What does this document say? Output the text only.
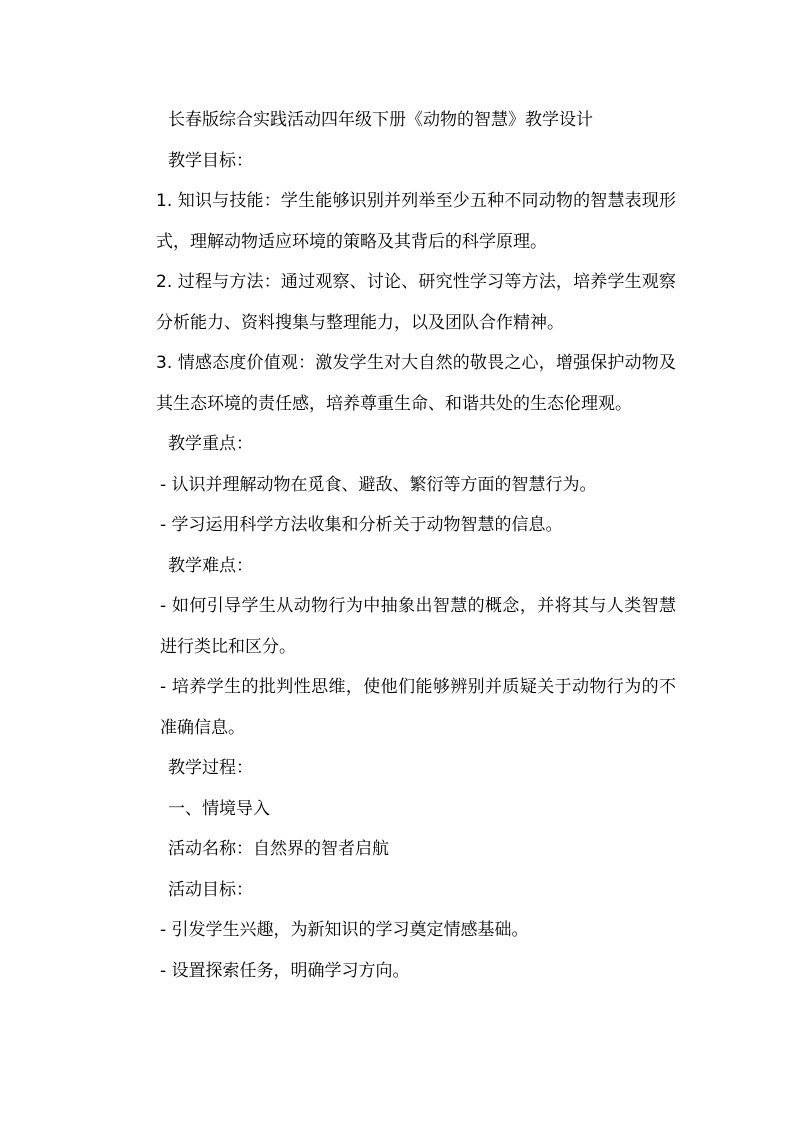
长春版综合实践活动四年级下册《动物的智慧》教学设计

教学目标：

1. 知识与技能：学生能够识别并列举至少五种不同动物的智慧表现形式，理解动物适应环境的策略及其背后的科学原理。

2. 过程与方法：通过观察、讨论、研究性学习等方法，培养学生观察分析能力、资料搜集与整理能力，以及团队合作精神。

3. 情感态度价值观：激发学生对大自然的敬畏之心，增强保护动物及其生态环境的责任感，培养尊重生命、和谐共处的生态伦理观。

教学重点：

- 认识并理解动物在觅食、避敌、繁衍等方面的智慧行为。

- 学习运用科学方法收集和分析关于动物智慧的信息。

教学难点：

- 如何引导学生从动物行为中抽象出智慧的概念，并将其与人类智慧进行类比和区分。

- 培养学生的批判性思维，使他们能够辨别并质疑关于动物行为的不准确信息。

教学过程：

一、情境导入

活动名称：自然界的智者启航

活动目标：

- 引发学生兴趣，为新知识的学习奠定情感基础。

- 设置探索任务，明确学习方向。
